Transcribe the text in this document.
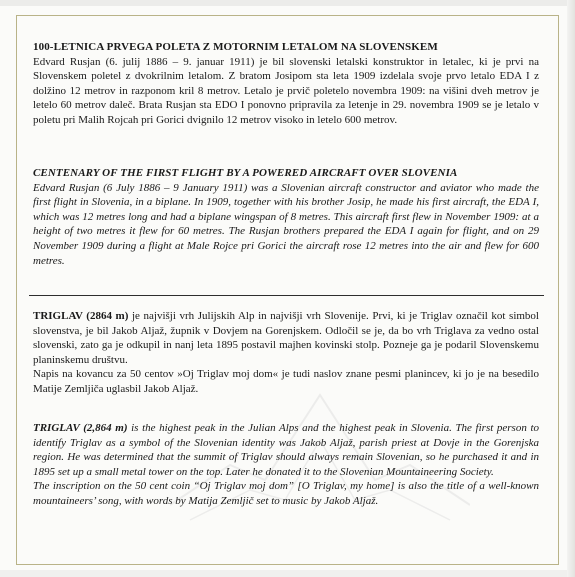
100-LETNICA PRVEGA POLETA Z MOTORNIM LETALOM NA SLOVENSKEM
Edvard Rusjan (6. julij 1886 – 9. januar 1911) je bil slovenski letalski konstruktor in letalec, ki je prvi na Slovenskem poletel z dvokrilnim letalom. Z bratom Josipom sta leta 1909 izdelala svoje prvo letalo EDA I z dolžino 12 metrov in razponom kril 8 metrov. Letalo je prvič poletelo novembra 1909: na višini dveh metrov je letelo 60 metrov daleč. Brata Rusjan sta EDO I ponovno pripravila za letenje in 29. novembra 1909 se je letalo v poletu pri Malih Rojcah pri Gorici dvignilo 12 metrov visoko in letelo 600 metrov.
CENTENARY OF THE FIRST FLIGHT BY A POWERED AIRCRAFT OVER SLOVENIA
Edvard Rusjan (6 July 1886 – 9 January 1911) was a Slovenian aircraft constructor and aviator who made the first flight in Slovenia, in a biplane. In 1909, together with his brother Josip, he made his first aircraft, the EDA I, which was 12 metres long and had a biplane wingspan of 8 metres. This aircraft first flew in November 1909: at a height of two metres it flew for 60 metres. The Rusjan brothers prepared the EDA I again for flight, and on 29 November 1909 during a flight at Male Rojce pri Gorici the aircraft rose 12 metres into the air and flew for 600 metres.

TRIGLAV (2864 m) je najvišji vrh Julijskih Alp in najvišji vrh Slovenije. Prvi, ki je Triglav označil kot simbol slovenstva, je bil Jakob Aljaž, župnik v Dovjem na Gorenjskem. Odločil se je, da bo vrh Triglava za vedno ostal slovenski, zato ga je odkupil in nanj leta 1895 postavil majhen kovinski stolp. Pozneje ga je podaril Slovenskemu planinskemu društvu.

Napis na kovancu za 50 centov »Oj Triglav moj dom« je tudi naslov znane pesmi planincev, ki jo je na besedilo Matije Zemljiča uglasbil Jakob Aljaž.

TRIGLAV (2,864 m) is the highest peak in the Julian Alps and the highest peak in Slovenia. The first person to identify Triglav as a symbol of the Slovenian identity was Jakob Aljaž, parish priest at Dovje in the Gorenjska region. He was determined that the summit of Triglav should always remain Slovenian, so he purchased it and in 1895 set up a small metal tower on the top. Later he donated it to the Slovenian Mountaineering Society.

The inscription on the 50 cent coin “Oj Triglav moj dom” [O Triglav, my home] is also the title of a well-known mountaineers’ song, with words by Matija Zemljič set to music by Jakob Aljaž.
